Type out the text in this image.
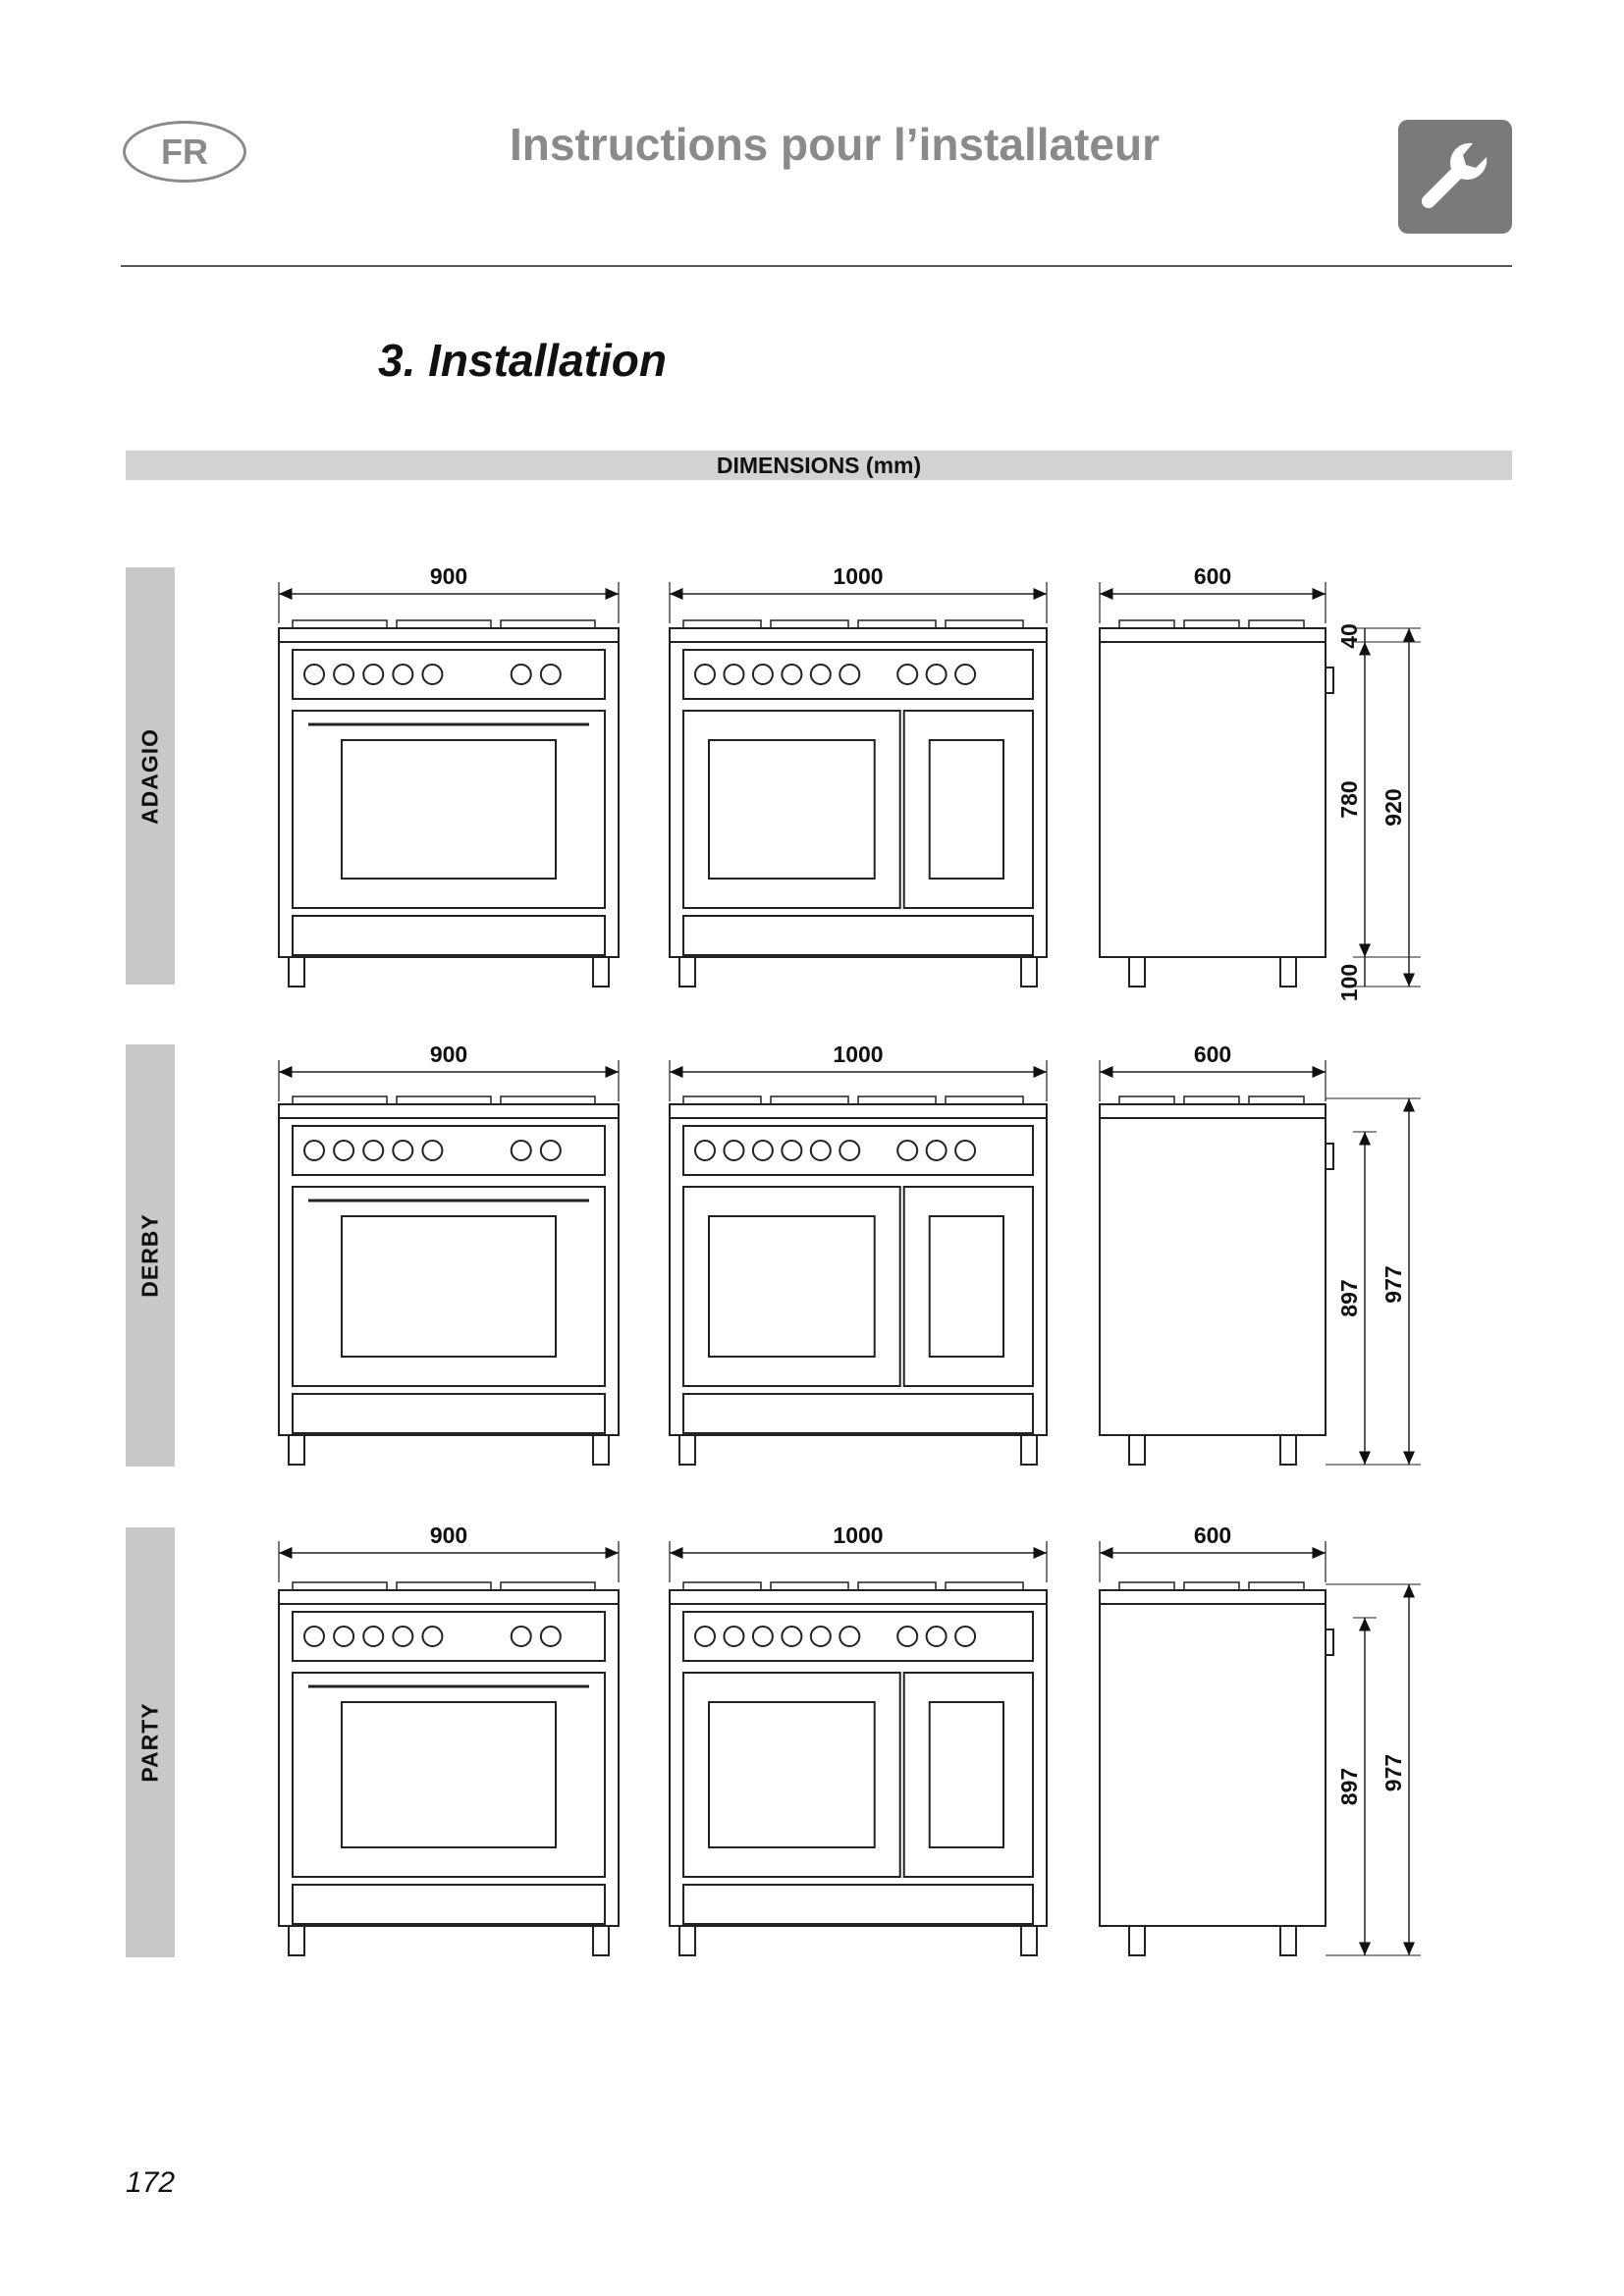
FR	Instructions pour l’installateur
3. Installation
DIMENSIONS (mm)
ADAGIO
DERBY
PARTY
900	1000	600
40
780
100
920
900	1000	600
897 977
900	1000	600
897 977
172
